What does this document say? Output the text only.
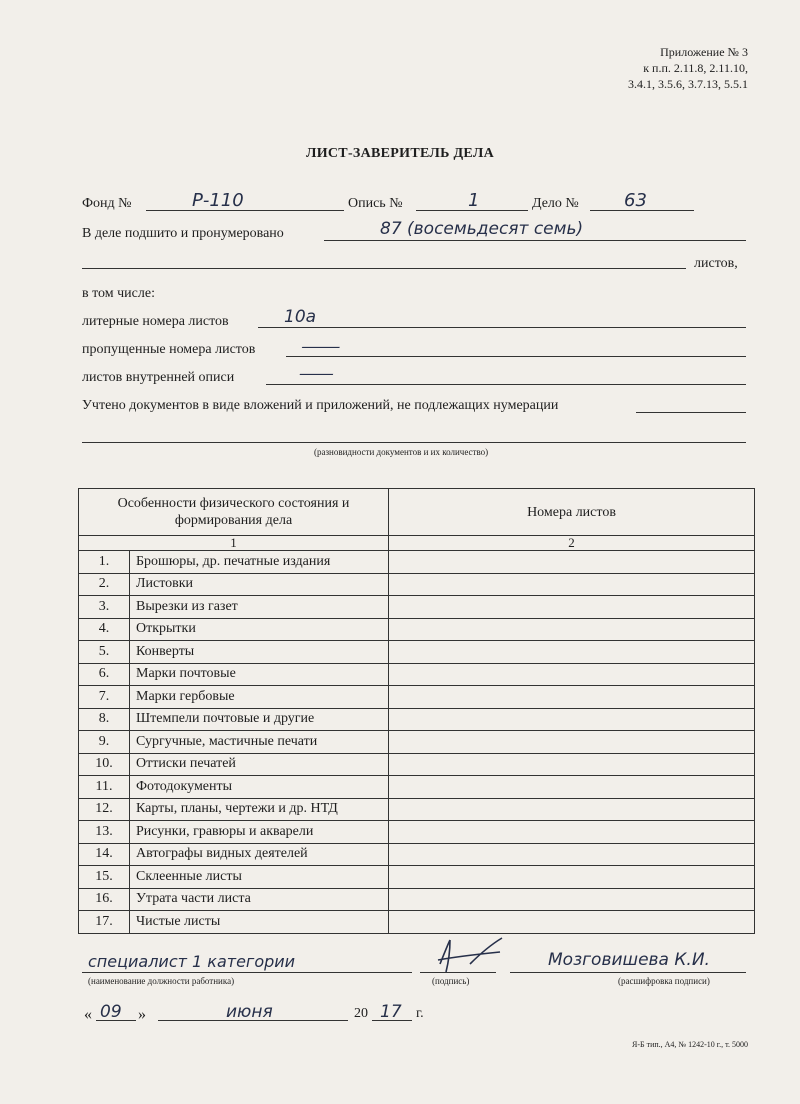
Приложение № 3
к п.п. 2.11.8, 2.11.10,
3.4.1, 3.5.6, 3.7.13, 5.5.1
ЛИСТ-ЗАВЕРИТЕЛЬ ДЕЛА
Фонд №	Р-110	Опись №	1	Дело №	63
В деле подшито и пронумеровано	87 (восемьдесят семь)
листов,
в том числе:
литерные номера листов	10а
пропущенные номера листов	—
листов внутренней описи	—
Учтено документов в виде вложений и приложений, не подлежащих нумерации
(разновидности документов и их количество)
Особенности физического состояния и формирования дела		Номера листов
1		2
1.	Брошюры, др. печатные издания	
2.	Листовки	
3.	Вырезки из газет	
4.	Открытки	
5.	Конверты	
6.	Марки почтовые	
7.	Марки гербовые	
8.	Штемпели почтовые и другие	
9.	Сургучные, мастичные печати	
10.	Оттиски печатей	
11.	Фотодокументы	
12.	Карты, планы, чертежи и др. НТД	
13.	Рисунки, гравюры и акварели	
14.	Автографы видных деятелей	
15.	Склеенные листы	
16.	Утрата части листа	
17.	Чистые листы	
специалист 1 категории
(наименование должности работника)	(подпись)
Мозговишева К.И.
(расшифровка подписи)
« 09 »	июня	20 17 г.
Я-Б тип., А4, № 1242-10 г., т. 5000
